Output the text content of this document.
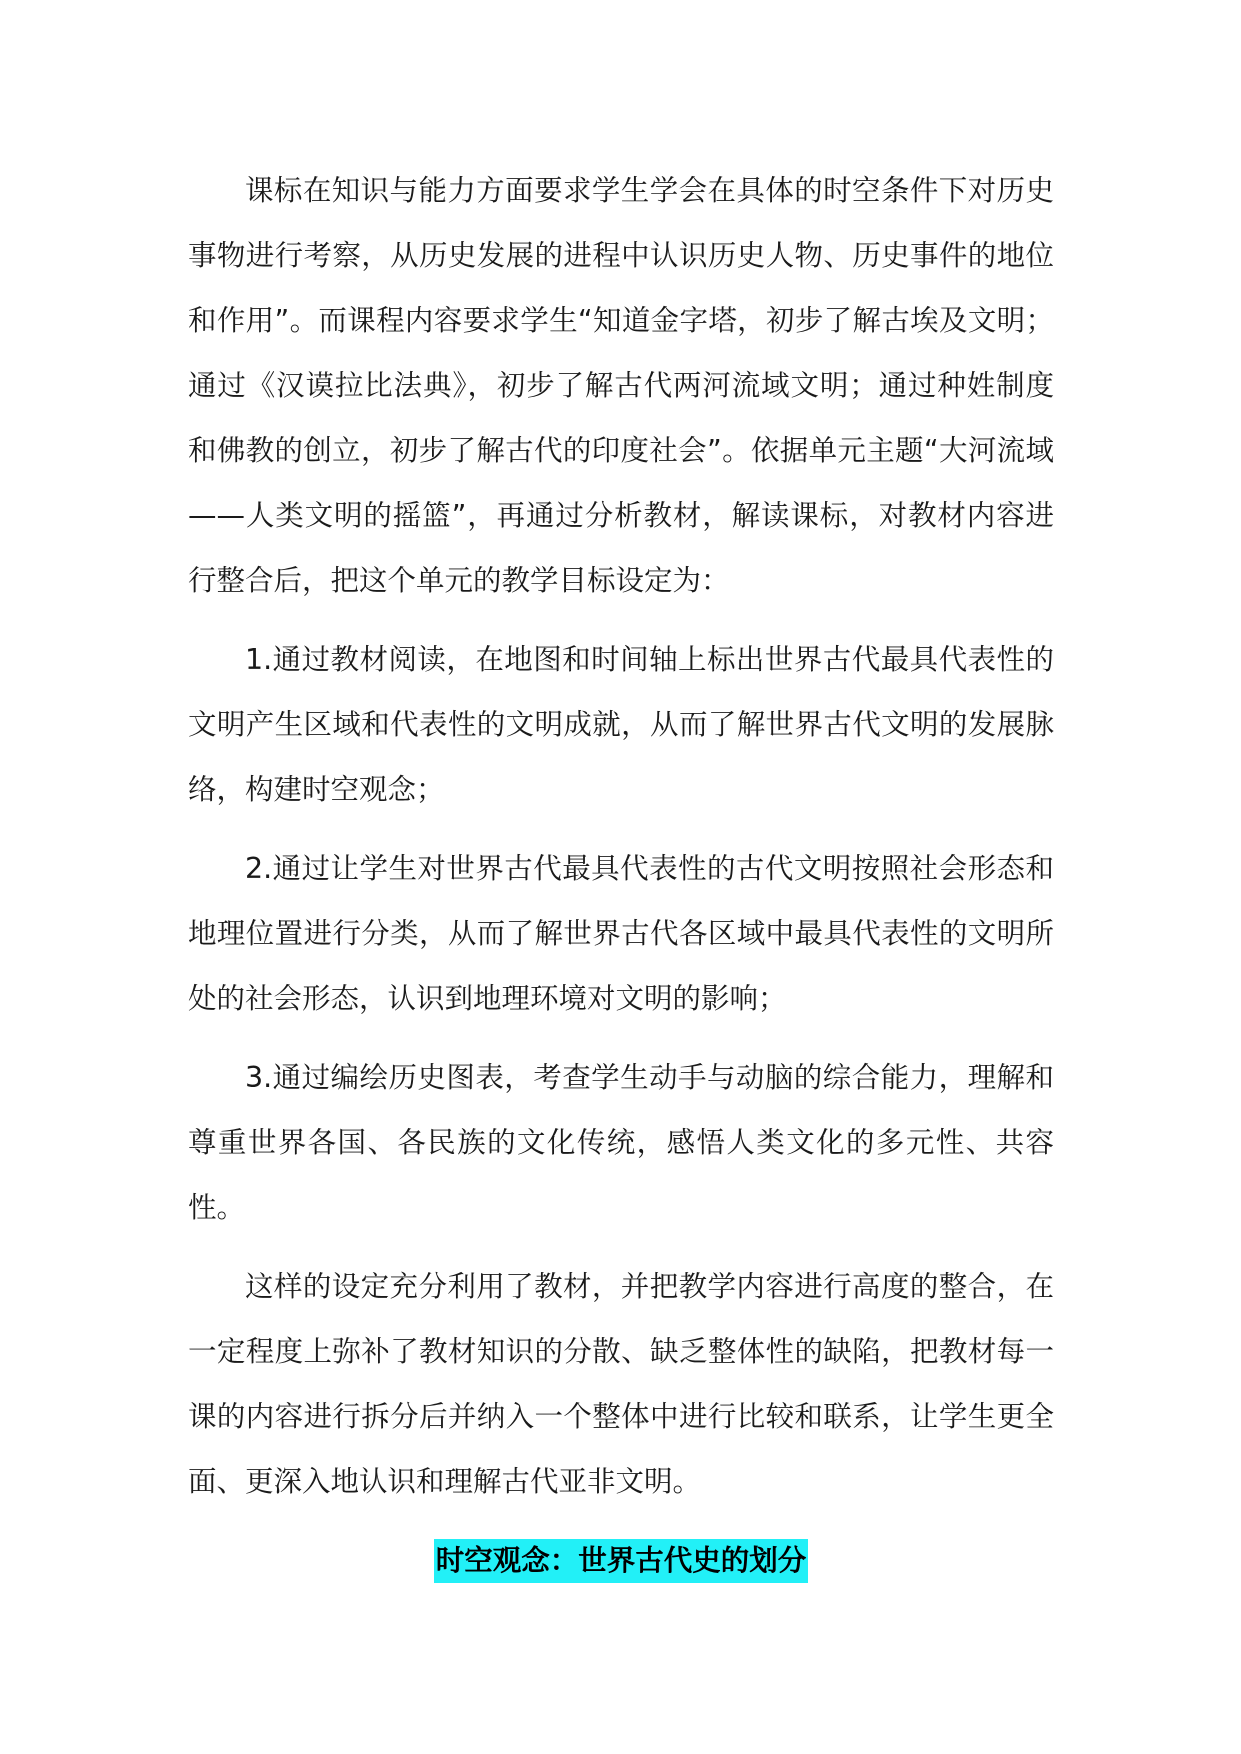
课标在知识与能力方面要求学生学会在具体的时空条件下对历史事物进行考察，从历史发展的进程中认识历史人物、历史事件的地位和作用”。而课程内容要求学生“知道金字塔，初步了解古埃及文明；通过《汉谟拉比法典》，初步了解古代两河流域文明；通过种姓制度和佛教的创立，初步了解古代的印度社会”。依据单元主题“大河流域——人类文明的摇篮”，再通过分析教材，解读课标，对教材内容进行整合后，把这个单元的教学目标设定为：

1.通过教材阅读，在地图和时间轴上标出世界古代最具代表性的文明产生区域和代表性的文明成就，从而了解世界古代文明的发展脉络，构建时空观念；

2.通过让学生对世界古代最具代表性的古代文明按照社会形态和地理位置进行分类，从而了解世界古代各区域中最具代表性的文明所处的社会形态，认识到地理环境对文明的影响；

3.通过编绘历史图表，考查学生动手与动脑的综合能力，理解和尊重世界各国、各民族的文化传统，感悟人类文化的多元性、共容性。

这样的设定充分利用了教材，并把教学内容进行高度的整合，在一定程度上弥补了教材知识的分散、缺乏整体性的缺陷，把教材每一课的内容进行拆分后并纳入一个整体中进行比较和联系，让学生更全面、更深入地认识和理解古代亚非文明。

时空观念：世界古代史的划分
